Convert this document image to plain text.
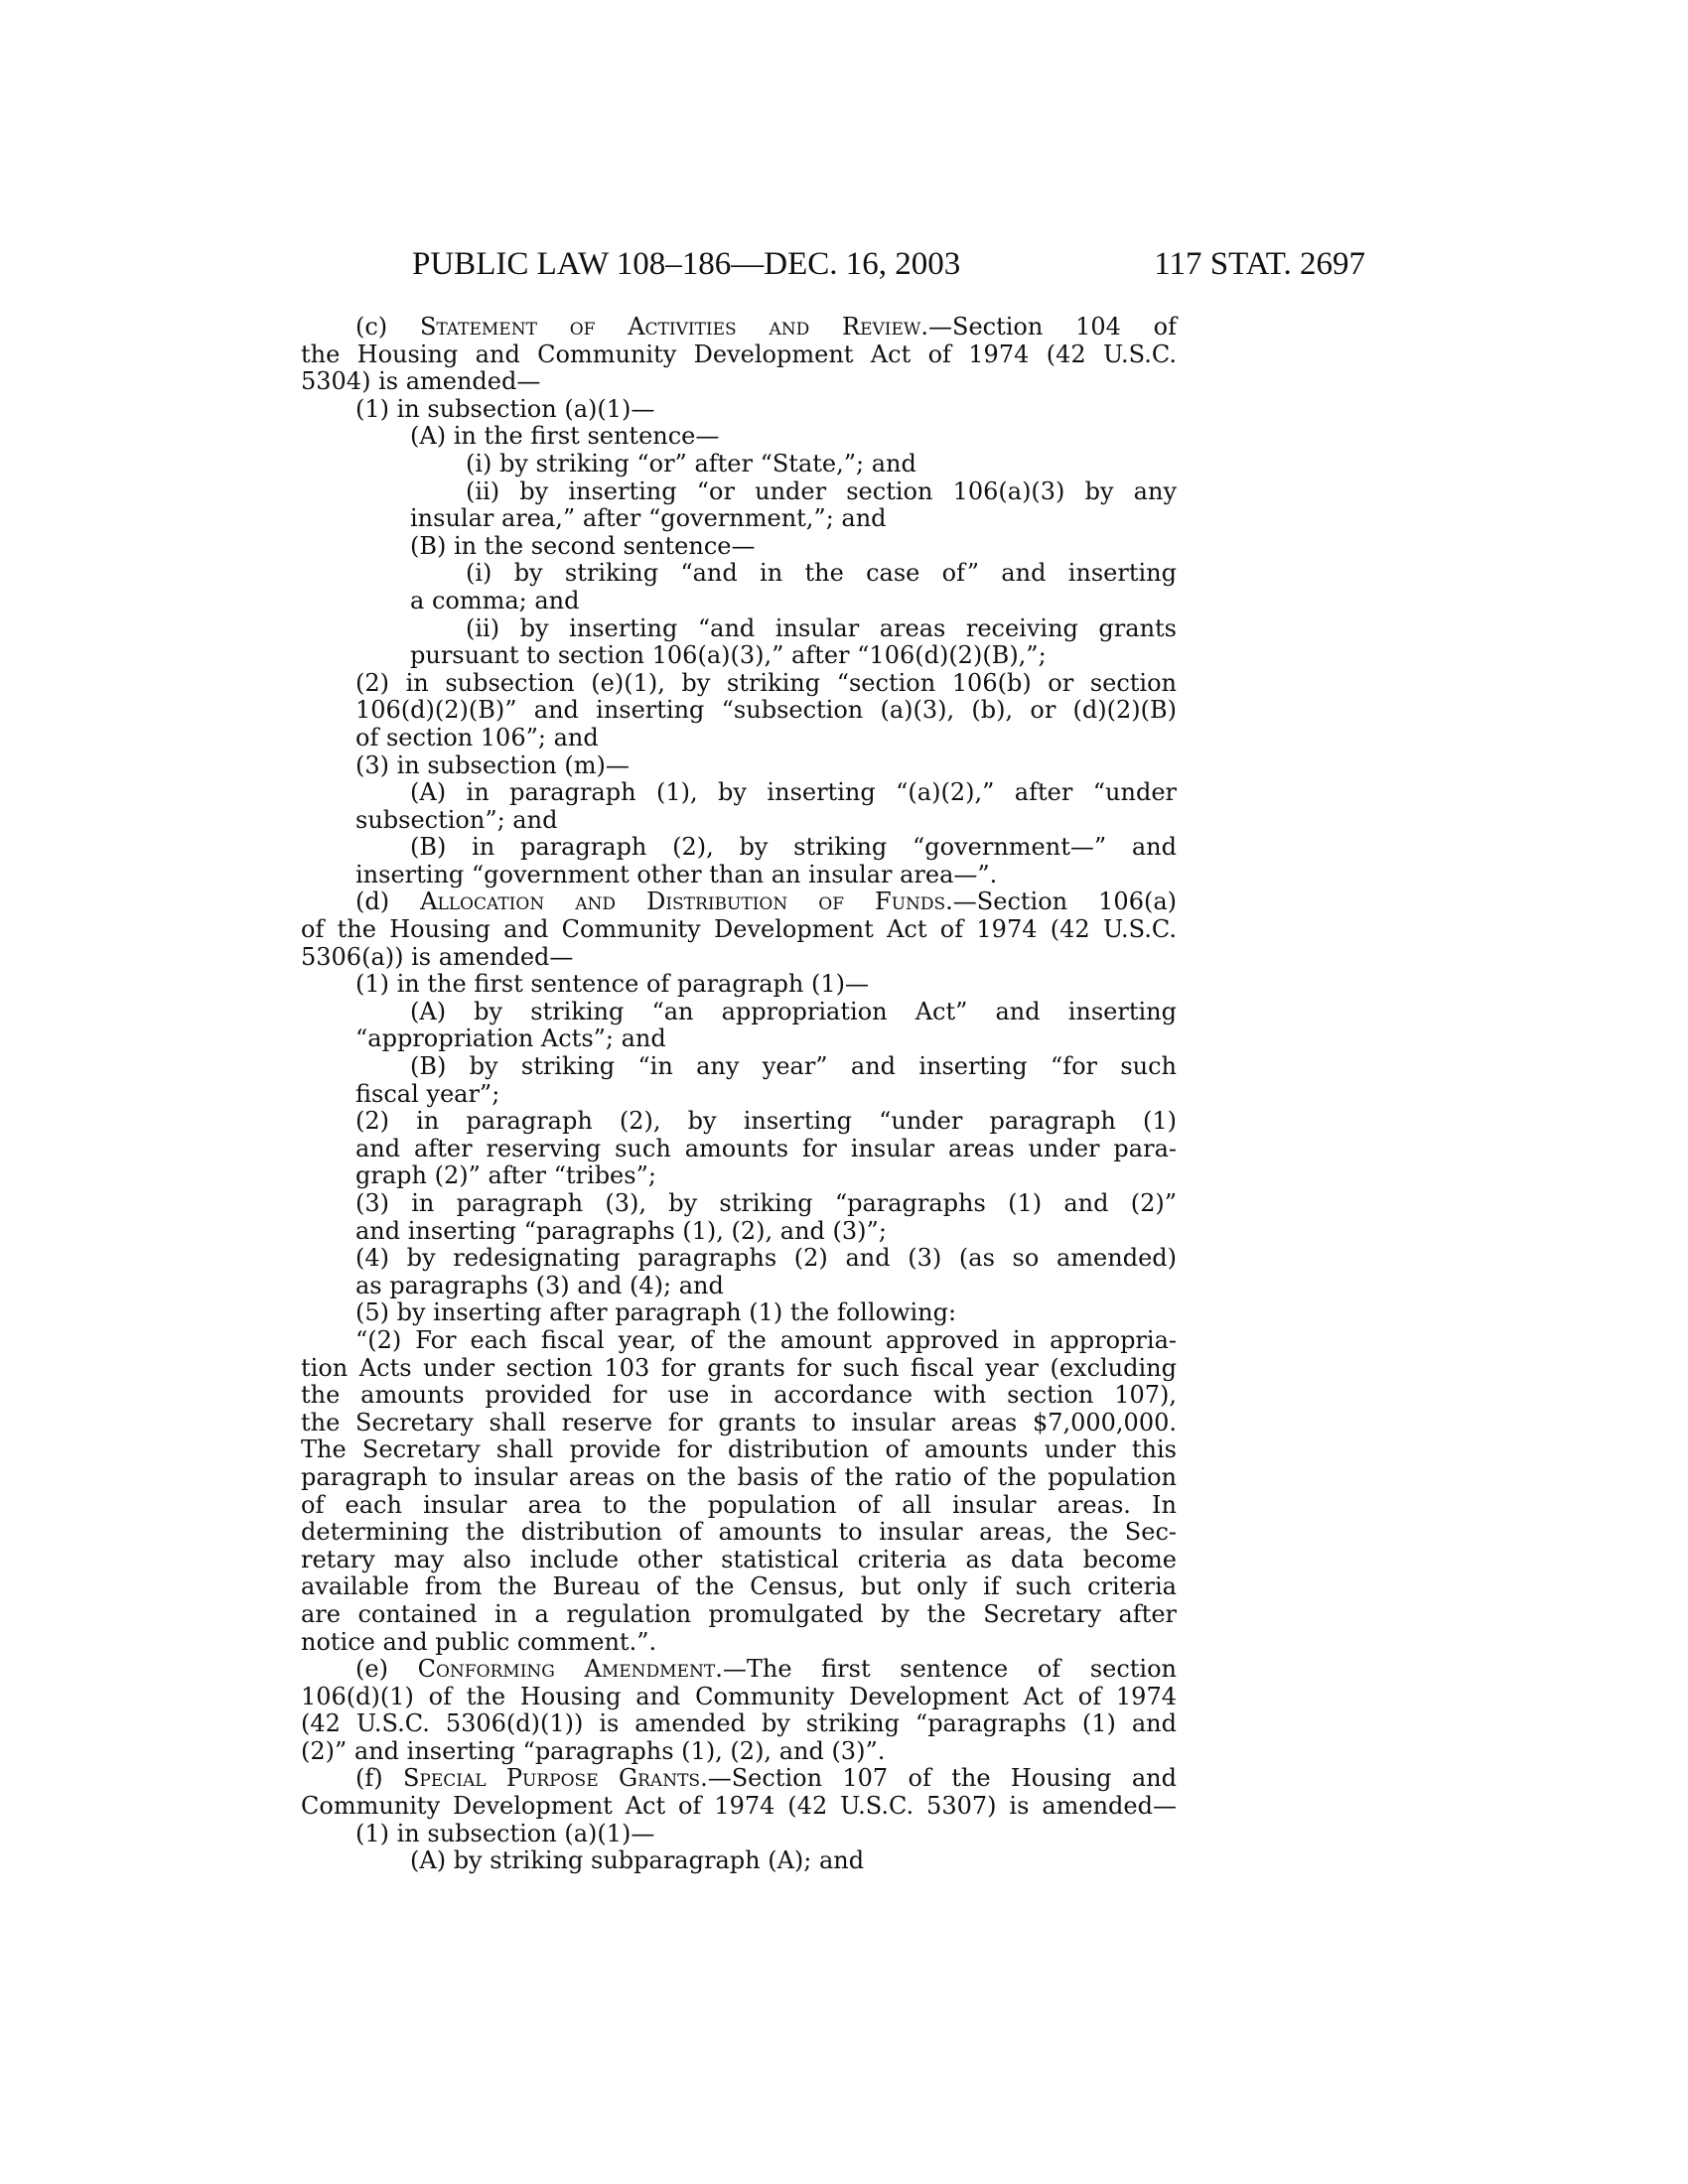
PUBLIC LAW 108–186—DEC. 16, 2003	117 STAT. 2697
(c) Statement of Activities and Review.—Section 104 of
the Housing and Community Development Act of 1974 (42 U.S.C.
5304) is amended—
(1) in subsection (a)(1)—
(A) in the first sentence—
(i) by striking “or” after “State,”; and
(ii) by inserting “or under section 106(a)(3) by any
insular area,” after “government,”; and
(B) in the second sentence—
(i) by striking “and in the case of” and inserting
a comma; and
(ii) by inserting “and insular areas receiving grants
pursuant to section 106(a)(3),” after “106(d)(2)(B),”;
(2) in subsection (e)(1), by striking “section 106(b) or section
106(d)(2)(B)” and inserting “subsection (a)(3), (b), or (d)(2)(B)
of section 106”; and
(3) in subsection (m)—
(A) in paragraph (1), by inserting “(a)(2),” after “under
subsection”; and
(B) in paragraph (2), by striking “government—” and
inserting “government other than an insular area—”.
(d) Allocation and Distribution of Funds.—Section 106(a)
of the Housing and Community Development Act of 1974 (42 U.S.C.
5306(a)) is amended—
(1) in the first sentence of paragraph (1)—
(A) by striking “an appropriation Act” and inserting
“appropriation Acts”; and
(B) by striking “in any year” and inserting “for such
fiscal year”;
(2) in paragraph (2), by inserting “under paragraph (1)
and after reserving such amounts for insular areas under para-
graph (2)” after “tribes”;
(3) in paragraph (3), by striking “paragraphs (1) and (2)”
and inserting “paragraphs (1), (2), and (3)”;
(4) by redesignating paragraphs (2) and (3) (as so amended)
as paragraphs (3) and (4); and
(5) by inserting after paragraph (1) the following:
“(2) For each fiscal year, of the amount approved in appropria-
tion Acts under section 103 for grants for such fiscal year (excluding
the amounts provided for use in accordance with section 107),
the Secretary shall reserve for grants to insular areas $7,000,000.
The Secretary shall provide for distribution of amounts under this
paragraph to insular areas on the basis of the ratio of the population
of each insular area to the population of all insular areas. In
determining the distribution of amounts to insular areas, the Sec-
retary may also include other statistical criteria as data become
available from the Bureau of the Census, but only if such criteria
are contained in a regulation promulgated by the Secretary after
notice and public comment.”.
(e) Conforming Amendment.—The first sentence of section
106(d)(1) of the Housing and Community Development Act of 1974
(42 U.S.C. 5306(d)(1)) is amended by striking “paragraphs (1) and
(2)” and inserting “paragraphs (1), (2), and (3)”.
(f) Special Purpose Grants.—Section 107 of the Housing and
Community Development Act of 1974 (42 U.S.C. 5307) is amended—
(1) in subsection (a)(1)—
(A) by striking subparagraph (A); and
